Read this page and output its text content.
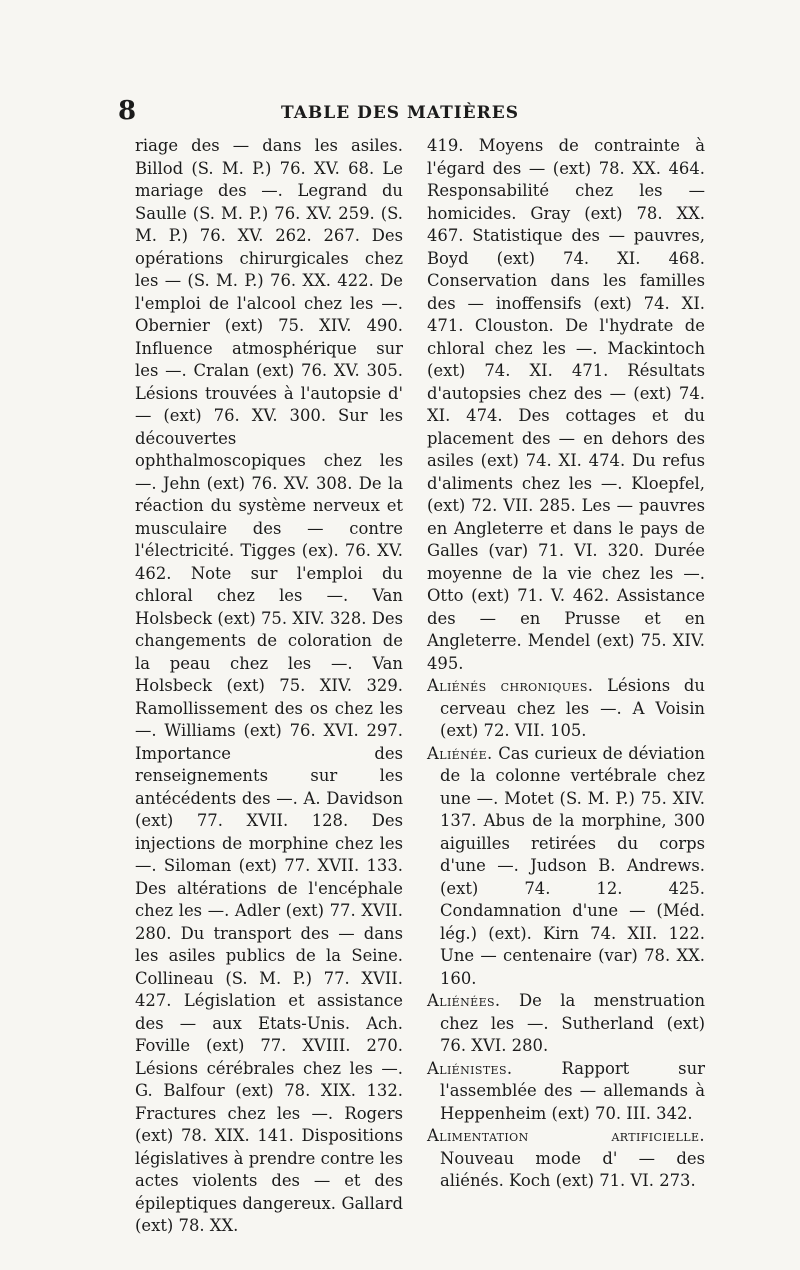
8	TABLE DES MATIÈRES

riage des — dans les asiles. Billod (S. M. P.) 76. XV. 68. Le mariage des —. Legrand du Saulle (S. M. P.) 76. XV. 259. (S. M. P.) 76. XV. 262. 267. Des opérations chirurgicales chez les — (S. M. P.) 76. XX. 422. De l'emploi de l'alcool chez les —. Obernier (ext) 75. XIV. 490. Influence atmosphérique sur les —. Cralan (ext) 76. XV. 305. Lésions trouvées à l'autopsie d' — (ext) 76. XV. 300. Sur les découvertes ophthalmoscopiques chez les —. Jehn (ext) 76. XV. 308. De la réaction du système nerveux et musculaire des — contre l'électricité. Tigges (ex). 76. XV. 462. Note sur l'emploi du chloral chez les —. Van Holsbeck (ext) 75. XIV. 328. Des changements de coloration de la peau chez les —. Van Holsbeck (ext) 75. XIV. 329. Ramollissement des os chez les —. Williams (ext) 76. XVI. 297. Importance des renseignements sur les antécédents des —. A. Davidson (ext) 77. XVII. 128. Des injections de morphine chez les —. Siloman (ext) 77. XVII. 133. Des altérations de l'encéphale chez les —. Adler (ext) 77. XVII. 280. Du transport des — dans les asiles publics de la Seine. Collineau (S. M. P.) 77. XVII. 427. Législation et assistance des — aux Etats-Unis. Ach. Foville (ext) 77. XVIII. 270. Lésions cérébrales chez les —. G. Balfour (ext) 78. XIX. 132. Fractures chez les —. Rogers (ext) 78. XIX. 141. Dispositions législatives à prendre contre les actes violents des — et des épileptiques dangereux. Gallard (ext) 78. XX.

419. Moyens de contrainte à l'égard des — (ext) 78. XX. 464. Responsabilité chez les — homicides. Gray (ext) 78. XX. 467. Statistique des — pauvres, Boyd (ext) 74. XI. 468. Conservation dans les familles des — inoffensifs (ext) 74. XI. 471. Clouston. De l'hydrate de chloral chez les —. Mackintoch (ext) 74. XI. 471. Résultats d'autopsies chez des — (ext) 74. XI. 474. Des cottages et du placement des — en dehors des asiles (ext) 74. XI. 474. Du refus d'aliments chez les —. Kloepfel, (ext) 72. VII. 285. Les — pauvres en Angleterre et dans le pays de Galles (var) 71. VI. 320. Durée moyenne de la vie chez les —. Otto (ext) 71. V. 462. Assistance des — en Prusse et en Angleterre. Mendel (ext) 75. XIV. 495.

Aliénés chroniques. Lésions du cerveau chez les —. A Voisin (ext) 72. VII. 105.

Aliénée. Cas curieux de déviation de la colonne vertébrale chez une —. Motet (S. M. P.) 75. XIV. 137. Abus de la morphine, 300 aiguilles retirées du corps d'une —. Judson B. Andrews. (ext) 74. 12. 425. Condamnation d'une — (Méd. lég.) (ext). Kirn 74. XII. 122. Une — centenaire (var) 78. XX. 160.

Aliénées. De la menstruation chez les —. Sutherland (ext) 76. XVI. 280.

Aliénistes.	Rapport sur l'assemblée des — allemands à Heppenheim (ext) 70. III. 342.

Alimentation artificielle. Nouveau mode d' — des aliénés. Koch (ext) 71. VI. 273.
